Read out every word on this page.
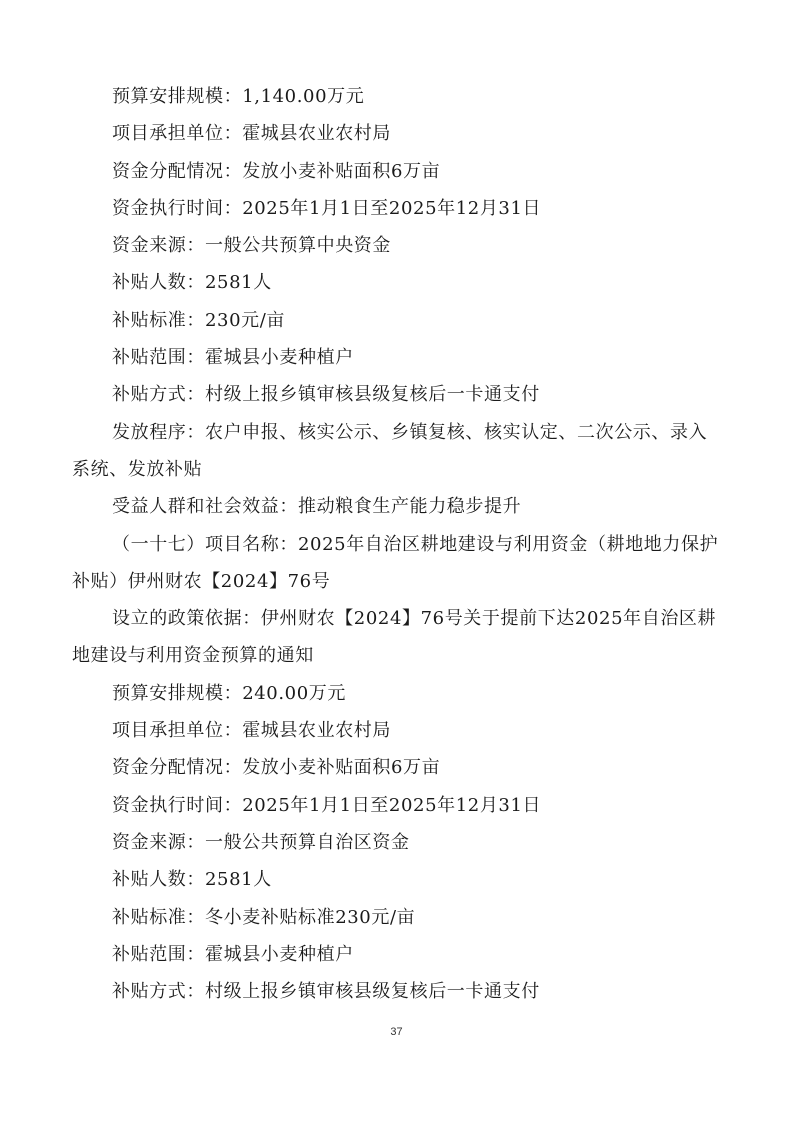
预算安排规模：1,140.00万元

项目承担单位：霍城县农业农村局

资金分配情况：发放小麦补贴面积6万亩

资金执行时间：2025年1月1日至2025年12月31日

资金来源：一般公共预算中央资金

补贴人数：2581人

补贴标准：230元/亩

补贴范围：霍城县小麦种植户

补贴方式：村级上报乡镇审核县级复核后一卡通支付

发放程序：农户申报、核实公示、乡镇复核、核实认定、二次公示、录入

系统、发放补贴

受益人群和社会效益：推动粮食生产能力稳步提升

（一十七）项目名称：2025年自治区耕地建设与利用资金（耕地地力保护

补贴）伊州财农【2024】76号

设立的政策依据：伊州财农【2024】76号关于提前下达2025年自治区耕

地建设与利用资金预算的通知

预算安排规模：240.00万元

项目承担单位：霍城县农业农村局

资金分配情况：发放小麦补贴面积6万亩

资金执行时间：2025年1月1日至2025年12月31日

资金来源：一般公共预算自治区资金

补贴人数：2581人

补贴标准：冬小麦补贴标准230元/亩

补贴范围：霍城县小麦种植户

补贴方式：村级上报乡镇审核县级复核后一卡通支付

37
